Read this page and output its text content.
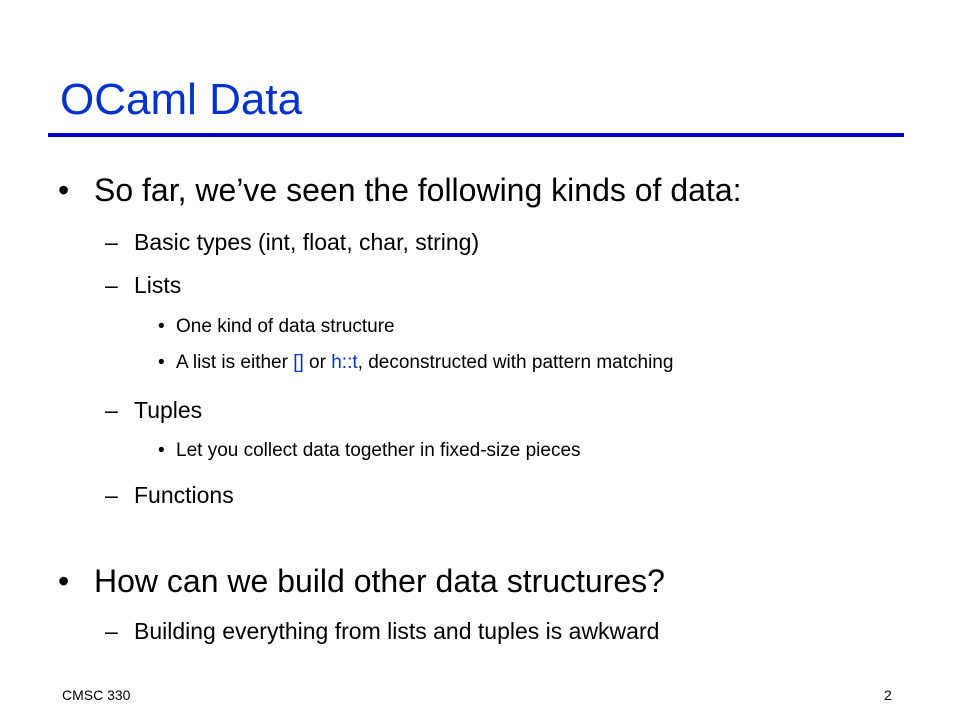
OCaml Data
• So far, we’ve seen the following kinds of data:
– Basic types (int, float, char, string)
– Lists
• One kind of data structure
• A list is either [] or h::t, deconstructed with pattern matching
– Tuples
• Let you collect data together in fixed-size pieces
– Functions
• How can we build other data structures?
– Building everything from lists and tuples is awkward
CMSC 330	2
